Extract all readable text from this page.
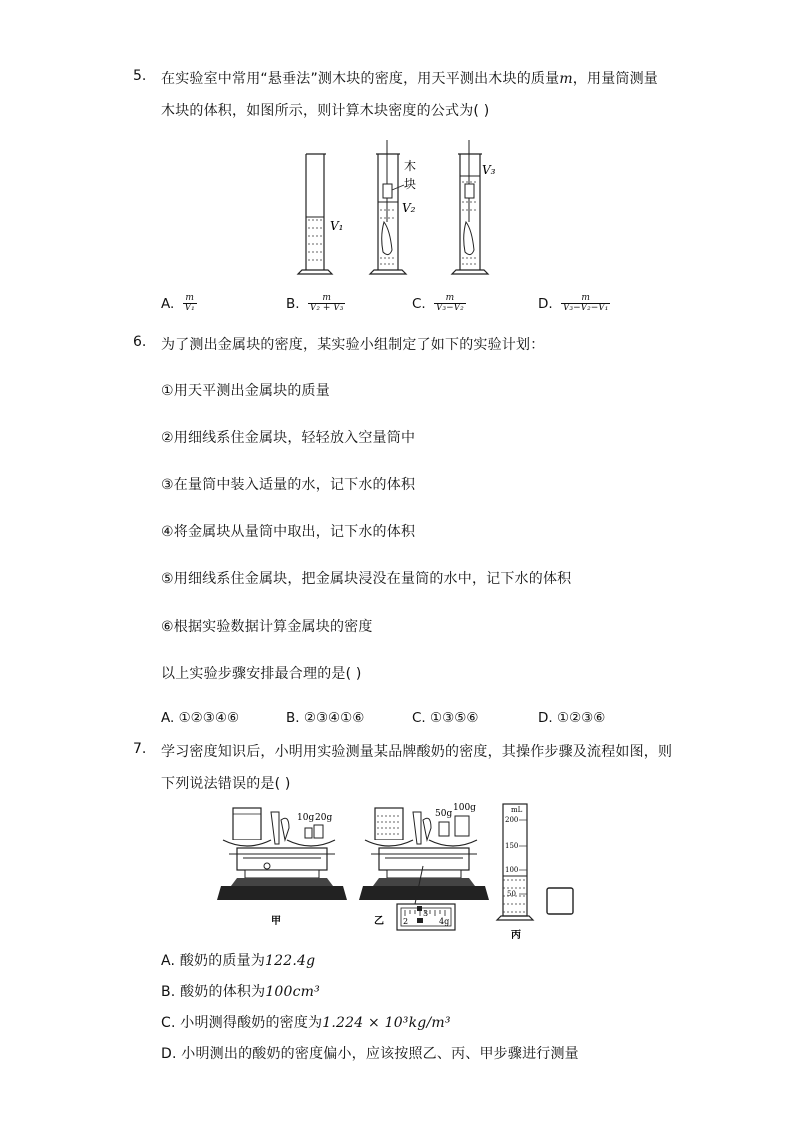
5. 在实验室中常用“悬垂法”测木块的密度，用天平测出木块的质量m，用量筒测量
木块的体积，如图所示，则计算木块密度的公式为( )
V₁
木
块
V₂
V₃
A. $\frac{m}{\text{V₁}}$	B. $\frac{m}{\text{V₂ + V₃}}$	C. $\frac{m}{\text{V₃−V₂}}$	D. $\frac{m}{\text{V₃−V₂−V₁}}$
6. 为了测出金属块的密度，某实验小组制定了如下的实验计划：
①用天平测出金属块的质量
②用细线系住金属块，轻轻放入空量筒中
③在量筒中装入适量的水，记下水的体积
④将金属块从量筒中取出，记下水的体积
⑤用细线系住金属块，把金属块浸没在量筒的水中，记下水的体积
⑥根据实验数据计算金属块的密度
以上实验步骤安排最合理的是( )
A. ①②③④⑥	B. ②③④①⑥	C. ①③⑤⑥	D. ①②③⑥
7. 学习密度知识后，小明用实验测量某品牌酸奶的密度，其操作步骤及流程如图，则
下列说法错误的是( )
10g 20g
甲
50g
100g
2
3
4g
乙
mL
200
150
100
50
丙
A. 酸奶的质量为122.4g
B. 酸奶的体积为100cm³
C. 小明测得酸奶的密度为1.224 × 10³kg/m³
D. 小明测出的酸奶的密度偏小，应该按照乙、丙、甲步骤进行测量
